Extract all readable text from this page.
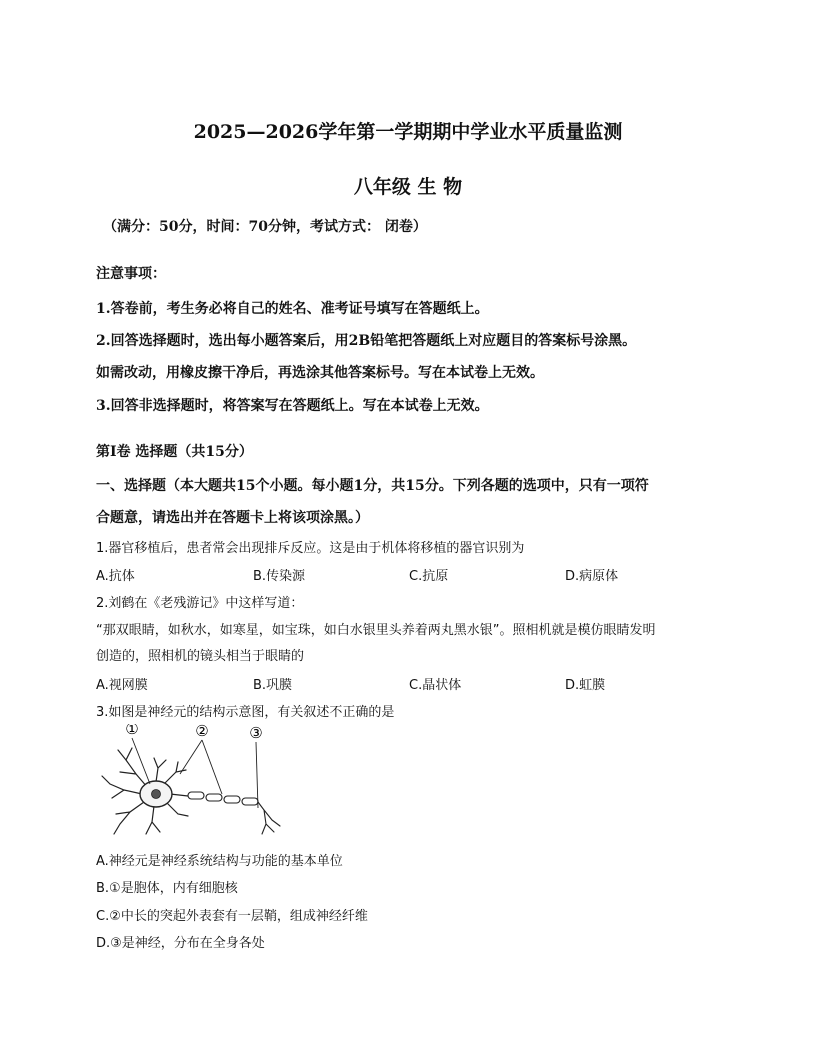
2025—2026学年第一学期期中学业水平质量监测
八年级 生 物
（满分：50分，时间：70分钟，考试方式： 闭卷）
注意事项：
1.答卷前，考生务必将自己的姓名、准考证号填写在答题纸上。
2.回答选择题时，选出每小题答案后，用2B铅笔把答题纸上对应题目的答案标号涂黑。
如需改动，用橡皮擦干净后，再选涂其他答案标号。写在本试卷上无效。
3.回答非选择题时，将答案写在答题纸上。写在本试卷上无效。
第I卷 选择题（共15分）
一、选择题（本大题共15个小题。每小题1分，共15分。下列各题的选项中，只有一项符
合题意，请选出并在答题卡上将该项涂黑。）
1.器官移植后，患者常会出现排斥反应。这是由于机体将移植的器官识别为
A.抗体	B.传染源	C.抗原	D.病原体
2.刘鹤在《老残游记》中这样写道：
“那双眼睛，如秋水，如寒星，如宝珠，如白水银里头养着两丸黑水银”。照相机就是模仿眼睛发明
创造的，照相机的镜头相当于眼睛的
A.视网膜	B.巩膜	C.晶状体	D.虹膜
3.如图是神经元的结构示意图，有关叙述不正确的是
①	②	③
A.神经元是神经系统结构与功能的基本单位
B.①是胞体，内有细胞核
C.②中长的突起外表套有一层鞘，组成神经纤维
D.③是神经，分布在全身各处
